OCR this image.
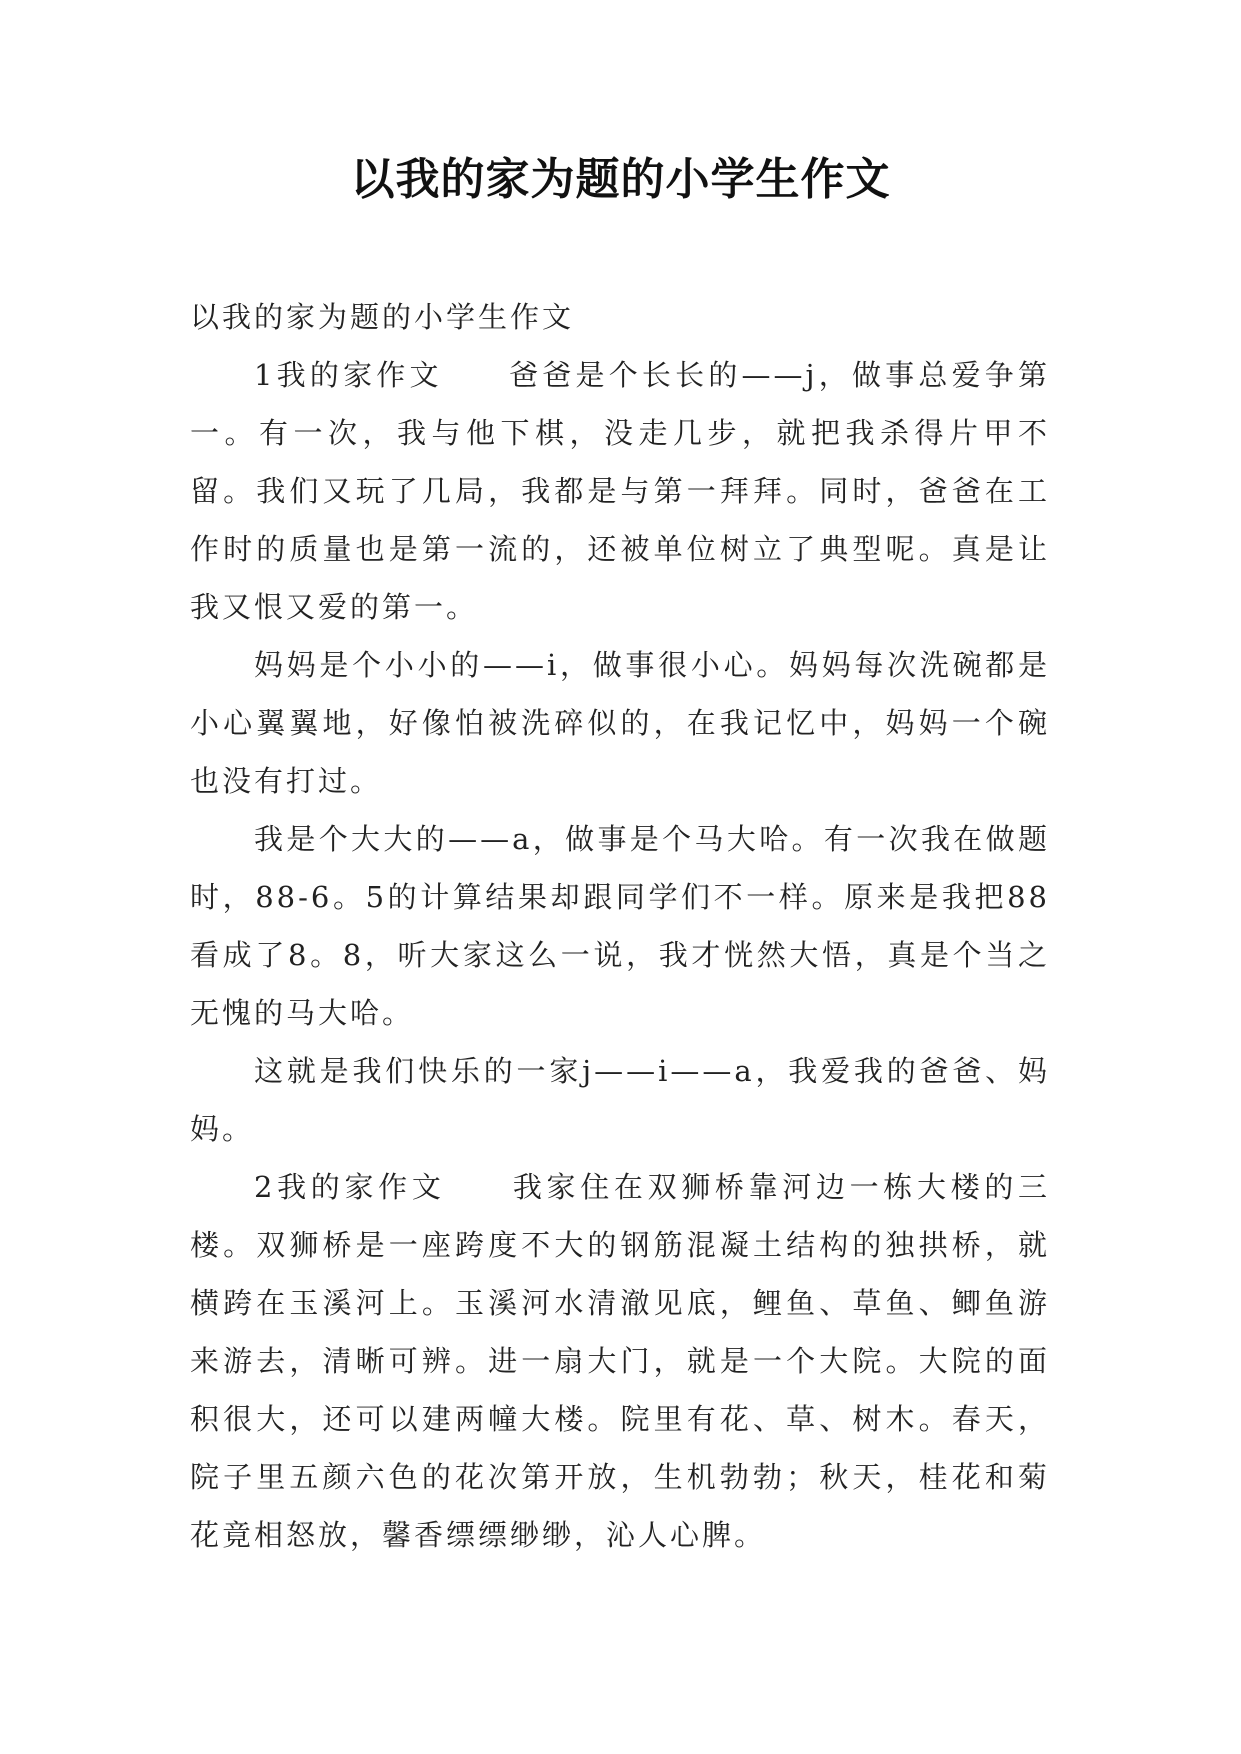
以我的家为题的小学生作文

以我的家为题的小学生作文

1我的家作文　　爸爸是个长长的——j，做事总爱争第一。有一次，我与他下棋，没走几步，就把我杀得片甲不留。我们又玩了几局，我都是与第一拜拜。同时，爸爸在工作时的质量也是第一流的，还被单位树立了典型呢。真是让我又恨又爱的第一。

妈妈是个小小的——i，做事很小心。妈妈每次洗碗都是小心翼翼地，好像怕被洗碎似的，在我记忆中，妈妈一个碗也没有打过。

我是个大大的——a，做事是个马大哈。有一次我在做题时，88-6。5的计算结果却跟同学们不一样。原来是我把88看成了8。8，听大家这么一说，我才恍然大悟，真是个当之无愧的马大哈。

这就是我们快乐的一家j——i——a，我爱我的爸爸、妈妈。

2我的家作文　　我家住在双狮桥靠河边一栋大楼的三楼。双狮桥是一座跨度不大的钢筋混凝土结构的独拱桥，就横跨在玉溪河上。玉溪河水清澈见底，鲤鱼、草鱼、鲫鱼游来游去，清晰可辨。进一扇大门，就是一个大院。大院的面积很大，还可以建两幢大楼。院里有花、草、树木。春天，院子里五颜六色的花次第开放，生机勃勃；秋天，桂花和菊花竟相怒放，馨香缥缥缈缈，沁人心脾。
